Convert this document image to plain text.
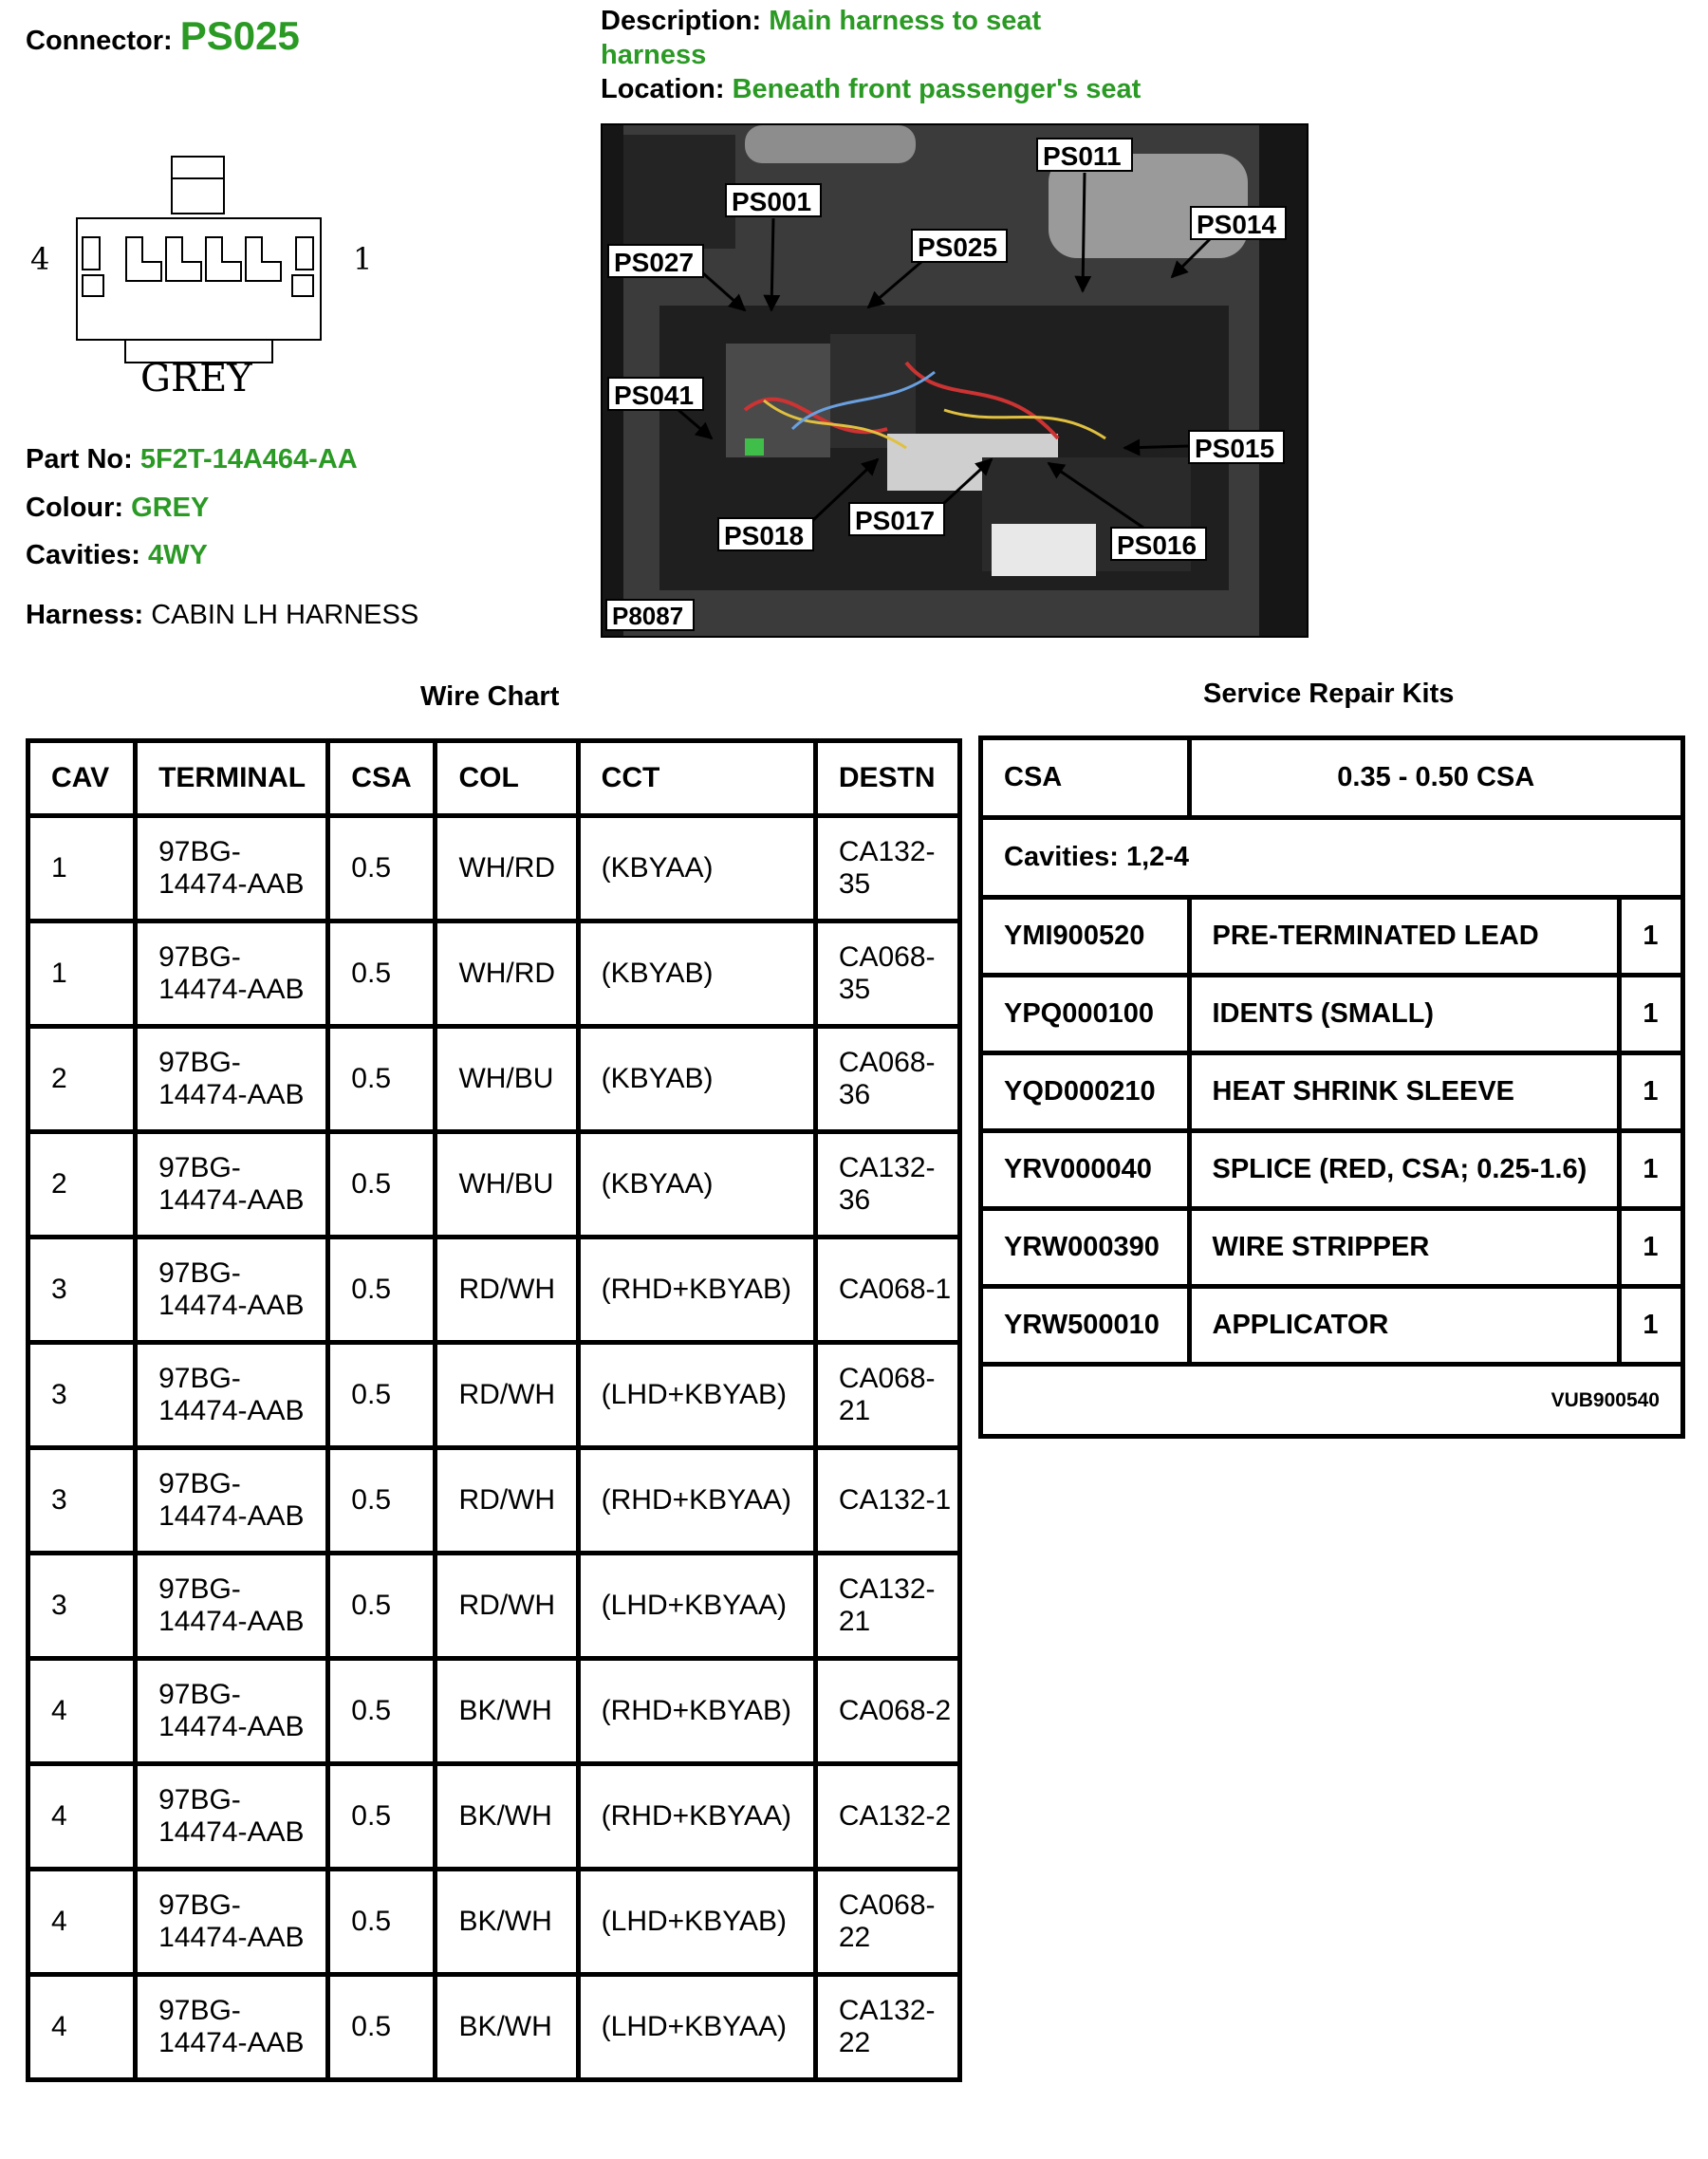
Connector: PS025	Description: Main harness to seat harness
Location: Beneath front passenger's seat
4	1
GREY
Part No: 5F2T-14A464-AA
Colour: GREY
Cavities: 4WY
Harness: CABIN LH HARNESS
PS001
PS011
PS014
PS027
PS025
PS041
PS015
PS018
PS017
PS016
P8087
Wire Chart	Service Repair Kits
CAV	TERMINAL	CSA	COL	CCT	DESTN
1	97BG-14474-AAB	0.5	WH/RD	(KBYAA)	CA132-35
1	97BG-14474-AAB	0.5	WH/RD	(KBYAB)	CA068-35
2	97BG-14474-AAB	0.5	WH/BU	(KBYAB)	CA068-36
2	97BG-14474-AAB	0.5	WH/BU	(KBYAA)	CA132-36
3	97BG-14474-AAB	0.5	RD/WH	(RHD+KBYAB)	CA068-1
3	97BG-14474-AAB	0.5	RD/WH	(LHD+KBYAB)	CA068-21
3	97BG-14474-AAB	0.5	RD/WH	(RHD+KBYAA)	CA132-1
3	97BG-14474-AAB	0.5	RD/WH	(LHD+KBYAA)	CA132-21
4	97BG-14474-AAB	0.5	BK/WH	(RHD+KBYAB)	CA068-2
4	97BG-14474-AAB	0.5	BK/WH	(RHD+KBYAA)	CA132-2
4	97BG-14474-AAB	0.5	BK/WH	(LHD+KBYAB)	CA068-22
4	97BG-14474-AAB	0.5	BK/WH	(LHD+KBYAA)	CA132-22
CSA	0.35 - 0.50 CSA	
Cavities: 1,2-4		
YMI900520	PRE-TERMINATED LEAD	1
YPQ000100	IDENTS (SMALL)	1
YQD000210	HEAT SHRINK SLEEVE	1
YRV000040	SPLICE (RED, CSA; 0.25-1.6)	1
YRW000390	WIRE STRIPPER	1
YRW500010	APPLICATOR	1
VUB900540		
